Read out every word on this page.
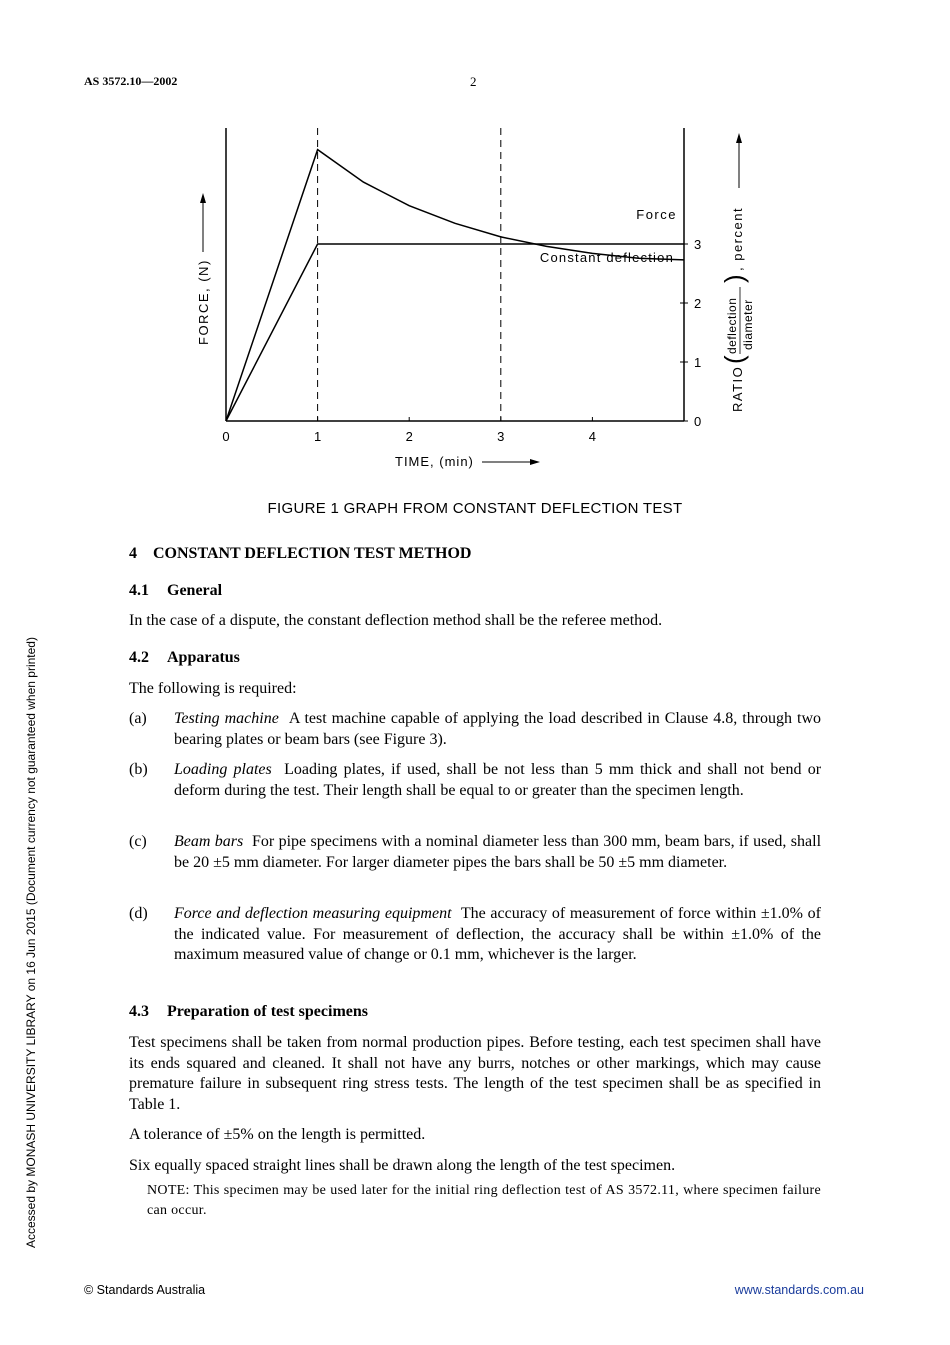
AS 3572.10—2002	2
0	1	2	3	4
0
1
2
3
Force
Constant deflection
TIME, (min)
FORCE, (N)
RATIO
(
deflection diameter
)
, percent
FIGURE 1 GRAPH FROM CONSTANT DEFLECTION TEST
4 CONSTANT DEFLECTION TEST METHOD
4.1 General
In the case of a dispute, the constant deflection method shall be the referee method.
4.2 Apparatus
The following is required:
(a) Testing machine A test machine capable of applying the load described in Clause 4.8, through two bearing plates or beam bars (see Figure 3).
(b) Loading plates Loading plates, if used, shall be not less than 5 mm thick and shall not bend or deform during the test. Their length shall be equal to or greater than the specimen length.
(c) Beam bars For pipe specimens with a nominal diameter less than 300 mm, beam bars, if used, shall be 20 ±5 mm diameter. For larger diameter pipes the bars shall be 50 ±5 mm diameter.
(d) Force and deflection measuring equipment The accuracy of measurement of force within ±1.0% of the indicated value. For measurement of deflection, the accuracy shall be within ±1.0% of the maximum measured value of change or 0.1 mm, whichever is the larger.
4.3 Preparation of test specimens
Test specimens shall be taken from normal production pipes. Before testing, each test specimen shall have its ends squared and cleaned. It shall not have any burrs, notches or other markings, which may cause premature failure in subsequent ring stress tests. The length of the test specimen shall be as specified in Table 1.
A tolerance of ±5% on the length is permitted.
Six equally spaced straight lines shall be drawn along the length of the test specimen.
NOTE: This specimen may be used later for the initial ring deflection test of AS 3572.11, where specimen failure can occur.
Accessed by MONASH UNIVERSITY LIBRARY on 16 Jun 2015 (Document currency not guaranteed when printed)
© Standards Australia	www.standards.com.au
